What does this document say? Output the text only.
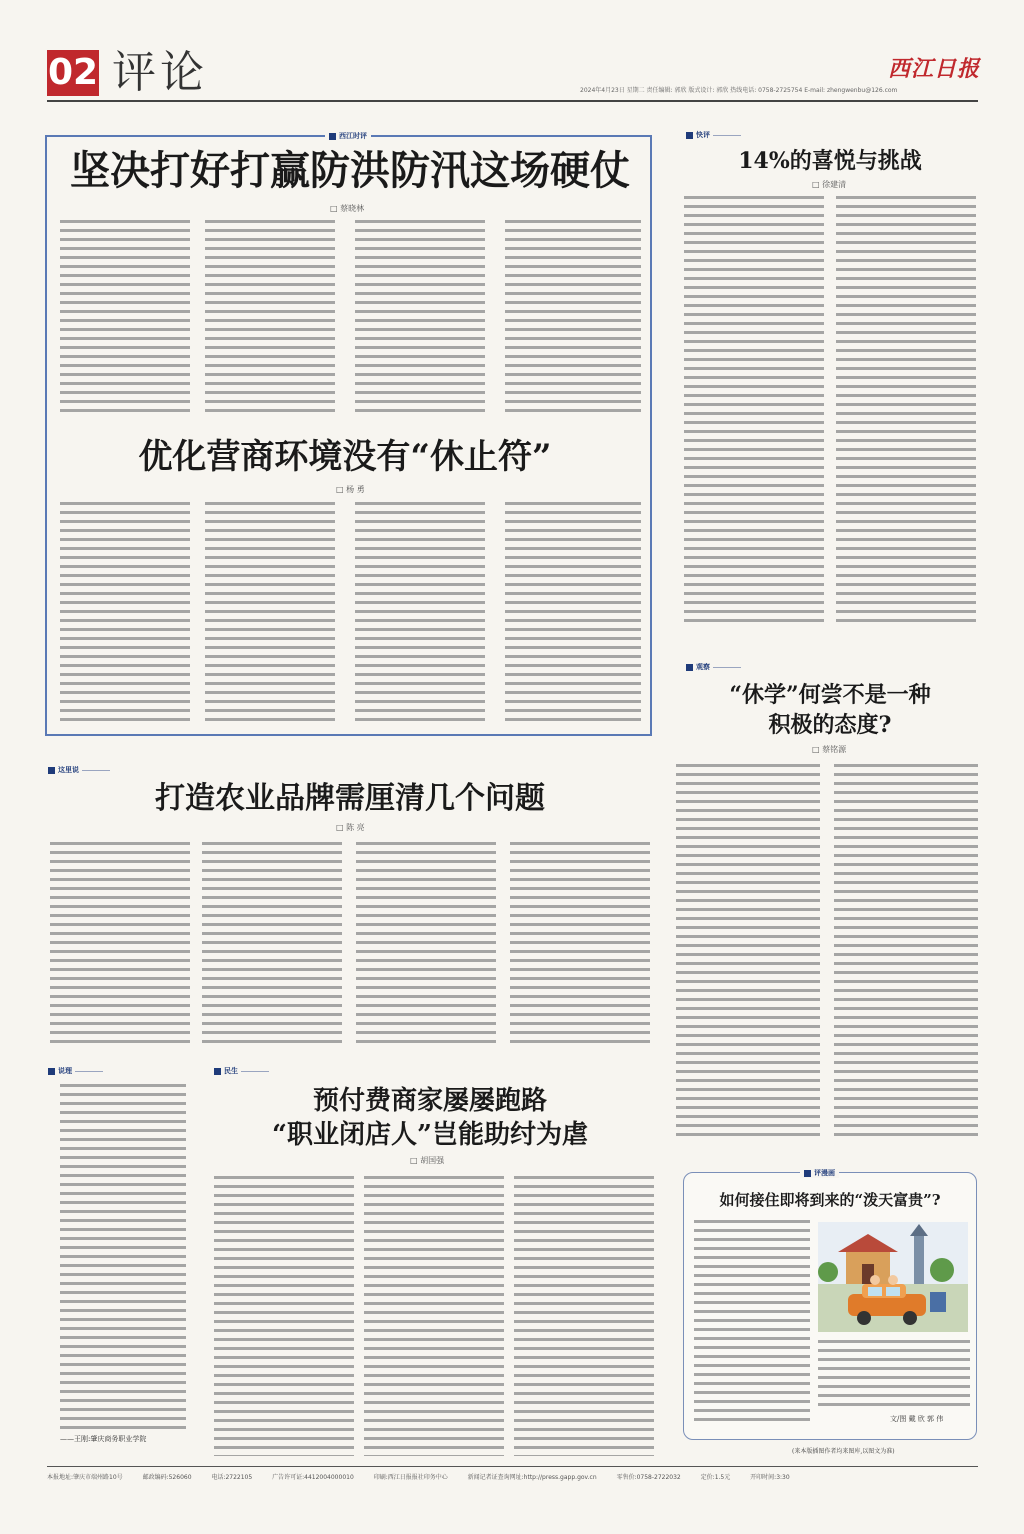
02 评论	2024年4月23日 星期二 责任编辑: 郭欣 版式设计: 郭欣 热线电话: 0758-2725754 E-mail: zhengwenbu@126.com
西江日报
西江时评
坚决打好打赢防洪防汛这场硬仗
□ 蔡晓林
优化营商环境没有“休止符”
□ 杨 勇
快评
14%的喜悦与挑战
□ 徐建清
观察
“休学”何尝不是一种
积极的态度?
□ 蔡铭源
这里说
打造农业品牌需厘清几个问题
□ 陈 亮
说理
——王刚:肇庆商务职业学院
民生
预付费商家屡屡跑路
“职业闭店人”岂能助纣为虐
□ 胡国强
评漫画
如何接住即将到来的“泼天富贵”?
文/图 戴 欣 郭 伟
(来本版插图作者均来图库,以图文为准)
本报地址:肇庆市端州路10号	邮政编码:526060	电话:2722105	广告许可证:4412004000010	印刷:西江日报报社印务中心	新闻记者证查询网址:http://press.gapp.gov.cn	零售价:0758-2722032	定价:1.5元	开印时间:3:30
